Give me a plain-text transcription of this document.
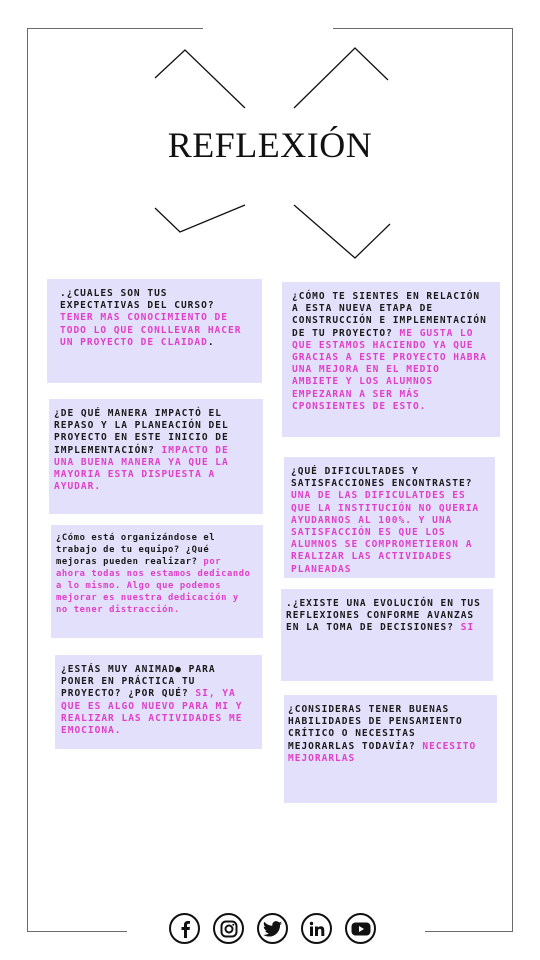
REFLEXIÓN
.¿CUALES SON TUS EXPECTATIVAS DEL CURSO? TENER MAS CONOCIMIENTO DE TODO LO QUE CONLLEVAR HACER UN PROYECTO DE CLAIDAD.
¿CÓMO TE SIENTES EN RELACIÓN A ESTA NUEVA ETAPA DE CONSTRUCCIÓN E IMPLEMENTACIÓN DE TU PROYECTO? ME GUSTA LO QUE ESTAMOS HACIENDO YA QUE GRACIAS A ESTE PROYECTO HABRA UNA MEJORA EN EL MEDIO AMBIETE Y LOS ALUMNOS EMPEZARAN A SER MÁS CPONSIENTES DE ESTO.
¿DE QUÉ MANERA IMPACTÓ EL REPASO Y LA PLANEACIÓN DEL PROYECTO EN ESTE INICIO DE IMPLEMENTACIÓN? IMPACTO DE UNA BUENA MANERA YA QUE LA MAYORIA ESTA DISPUESTA A AYUDAR.
¿QUÉ DIFICULTADES Y SATISFACCIONES ENCONTRASTE? UNA DE LAS DIFICULATDES ES QUE LA INSTITUCIÓN NO QUERIA AYUDARNOS AL 100%. Y UNA SATISFACCIÓN ES QUE LOS ALUMNOS SE COMPROMETIERON A REALIZAR LAS ACTIVIDADES PLANEADAS
¿Cómo está organizándose el trabajo de tu equipo? ¿Qué mejoras pueden realizar? por ahora todas nos estamos dedicando a lo mismo. Algo que podemos mejorar es nuestra dedicación y no tener distracción.
.¿EXISTE UNA EVOLUCIÓN EN TUS REFLEXIONES CONFORME AVANZAS EN LA TOMA DE DECISIONES? SI
¿ESTÁS MUY ANIMAD● PARA PONER EN PRÁCTICA TU PROYECTO? ¿POR QUÉ? SI, YA QUE ES ALGO NUEVO PARA MI Y REALIZAR LAS ACTIVIDADES ME EMOCIONA.
¿CONSIDERAS TENER BUENAS HABILIDADES DE PENSAMIENTO CRÍTICO O NECESITAS MEJORARLAS TODAVÍA? NECESITO MEJORARLAS
